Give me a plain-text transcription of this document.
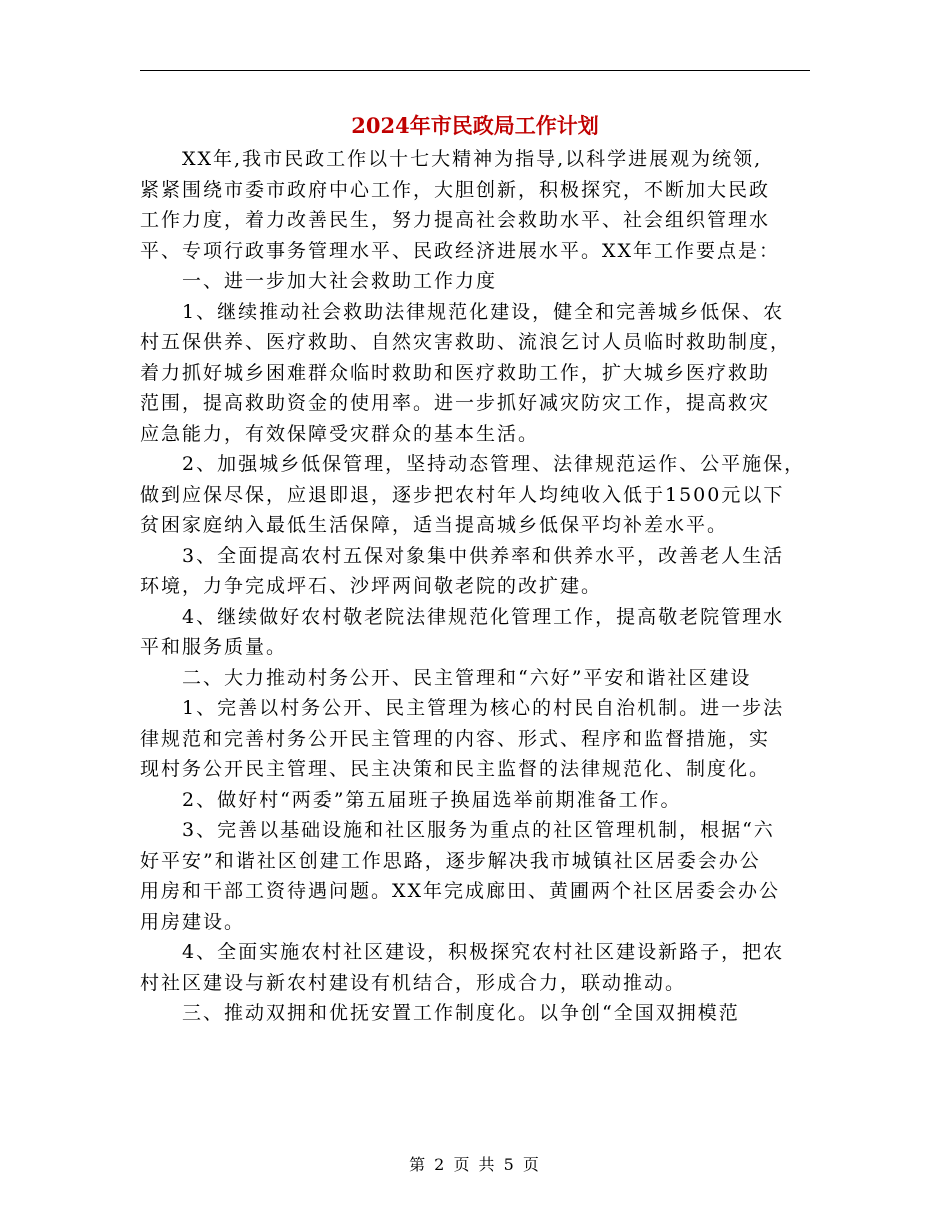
2024年市民政局工作计划
XX年,我市民政工作以十七大精神为指导,以科学进展观为统领,
紧紧围绕市委市政府中心工作，大胆创新，积极探究，不断加大民政
工作力度，着力改善民生，努力提高社会救助水平、社会组织管理水
平、专项行政事务管理水平、民政经济进展水平。XX年工作要点是：
一、进一步加大社会救助工作力度
1、继续推动社会救助法律规范化建设，健全和完善城乡低保、农
村五保供养、医疗救助、自然灾害救助、流浪乞讨人员临时救助制度，
着力抓好城乡困难群众临时救助和医疗救助工作，扩大城乡医疗救助
范围，提高救助资金的使用率。进一步抓好减灾防灾工作，提高救灾
应急能力，有效保障受灾群众的基本生活。
2、加强城乡低保管理，坚持动态管理、法律规范运作、公平施保，
做到应保尽保，应退即退，逐步把农村年人均纯收入低于1500元以下
贫困家庭纳入最低生活保障，适当提高城乡低保平均补差水平。
3、全面提高农村五保对象集中供养率和供养水平，改善老人生活
环境，力争完成坪石、沙坪两间敬老院的改扩建。
4、继续做好农村敬老院法律规范化管理工作，提高敬老院管理水
平和服务质量。
二、大力推动村务公开、民主管理和“六好”平安和谐社区建设
1、完善以村务公开、民主管理为核心的村民自治机制。进一步法
律规范和完善村务公开民主管理的内容、形式、程序和监督措施，实
现村务公开民主管理、民主决策和民主监督的法律规范化、制度化。
2、做好村“两委”第五届班子换届选举前期准备工作。
3、完善以基础设施和社区服务为重点的社区管理机制，根据“六
好平安”和谐社区创建工作思路，逐步解决我市城镇社区居委会办公
用房和干部工资待遇问题。XX年完成廊田、黄圃两个社区居委会办公
用房建设。
4、全面实施农村社区建设，积极探究农村社区建设新路子，把农
村社区建设与新农村建设有机结合，形成合力，联动推动。
三、推动双拥和优抚安置工作制度化。以争创“全国双拥模范
第 2 页 共 5 页
